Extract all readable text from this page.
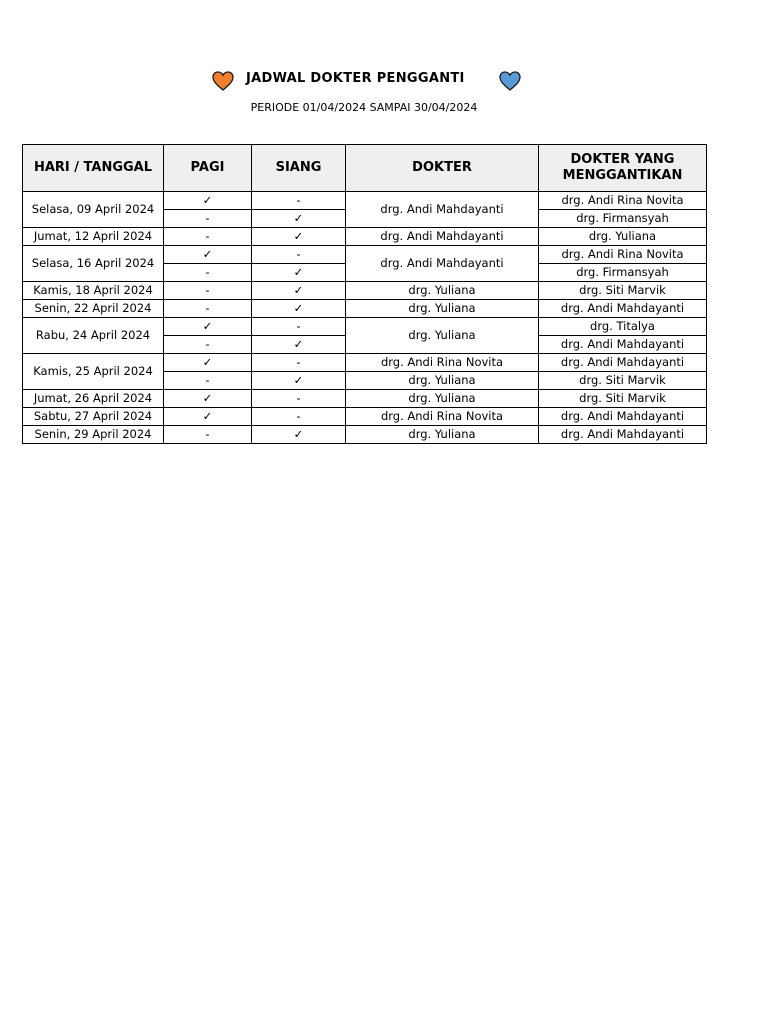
JADWAL DOKTER PENGGANTI
PERIODE 01/04/2024 SAMPAI 30/04/2024
HARI / TANGGAL	PAGI	SIANG	DOKTER	DOKTER YANG MENGGANTIKAN
Selasa, 09 April 2024	✓	-	drg. Andi Mahdayanti	drg. Andi Rina Novita
	-	✓		drg. Firmansyah
Jumat, 12 April 2024	-	✓	drg. Andi Mahdayanti	drg. Yuliana
Selasa, 16 April 2024	✓	-	drg. Andi Mahdayanti	drg. Andi Rina Novita
	-	✓		drg. Firmansyah
Kamis, 18 April 2024	-	✓	drg. Yuliana	drg. Siti Marvik
Senin, 22 April 2024	-	✓	drg. Yuliana	drg. Andi Mahdayanti
Rabu, 24 April 2024	✓	-	drg. Yuliana	drg. Titalya
	-	✓		drg. Andi Mahdayanti
Kamis, 25 April 2024	✓	-	drg. Andi Rina Novita	drg. Andi Mahdayanti
	-	✓	drg. Yuliana	drg. Siti Marvik
Jumat, 26 April 2024	✓	-	drg. Yuliana	drg. Siti Marvik
Sabtu, 27 April 2024	✓	-	drg. Andi Rina Novita	drg. Andi Mahdayanti
Senin, 29 April 2024	-	✓	drg. Yuliana	drg. Andi Mahdayanti
